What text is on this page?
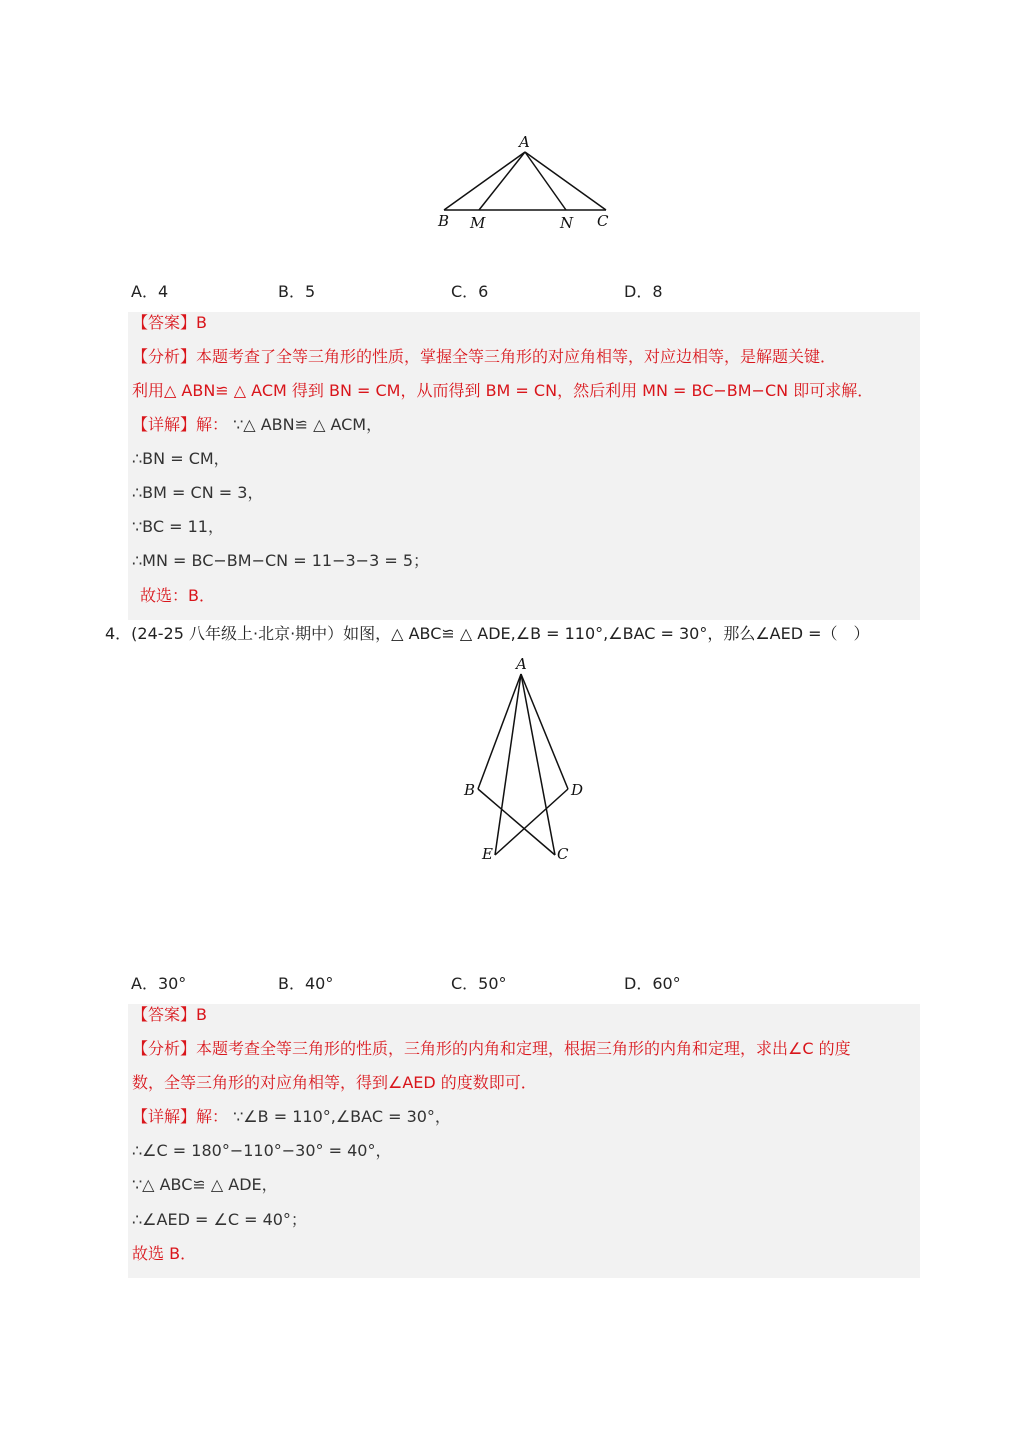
A
B M	N C
A．4	B．5	C．6	D．8
【答案】B
【分析】本题考查了全等三角形的性质，掌握全等三角形的对应角相等，对应边相等，是解题关键．
利用△ ABN≌ △ ACM 得到 BN = CM，从而得到 BM = CN，然后利用 MN = BC−BM−CN 即可求解．
【详解】解： ∵△ ABN≌ △ ACM，
∴BN = CM，
∴BM = CN = 3，
∵BC = 11，
∴MN = BC−BM−CN = 11−3−3 = 5；
故选：B．
4．(24-25 八年级上·北京·期中）如图，△ ABC≌ △ ADE,∠B = 110°,∠BAC = 30°，那么∠AED =（　）
A
B	D
E	C
A．30°	B．40°	C．50°	D．60°
【答案】B
【分析】本题考查全等三角形的性质，三角形的内角和定理，根据三角形的内角和定理，求出∠C 的度
数，全等三角形的对应角相等，得到∠AED 的度数即可．
【详解】解： ∵∠B = 110°,∠BAC = 30°，
∴∠C = 180°−110°−30° = 40°，
∵△ ABC≌ △ ADE，
∴∠AED = ∠C = 40°；
故选 B．
